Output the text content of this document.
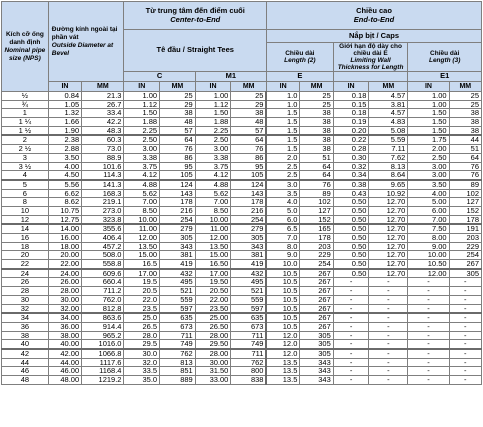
Kích cỡ ống danh định
Nominal pipe size (NPS)	Đường kính ngoài tại phần vát
Outside Diameter at Bevel		Từ trung tâm đến điểm cuối
Center-to-End				Chiều cao
End-to-End					
			Tê đầu / Straight Tees				Nắp bịt / Caps					
							Chiều dài
Length (2)		Giới hạn độ dày cho chiều dài E
Limiting Wall Thickness for Length		Chiều dài
Length (3)	
			C		M1		E				E1	
	IN	MM	IN	MM	IN	MM	IN	MM	IN	MM	IN	MM
½	0.84	21.3	1.00	25	1.00	25	1.0	25	0.18	4.57	1.00	25
¾	1.05	26.7	1.12	29	1.12	29	1.0	25	0.15	3.81	1.00	25
1	1.32	33.4	1.50	38	1.50	38	1.5	38	0.18	4.57	1.50	38
1 ¼	1.66	42.2	1.88	48	1.88	48	1.5	38	0.19	4.83	1.50	38
1 ½	1.90	48.3	2.25	57	2.25	57	1.5	38	0.20	5.08	1.50	38
2	2.38	60.3	2.50	64	2.50	64	1.5	38	0.22	5.59	1.75	44
2 ½	2.88	73.0	3.00	76	3.00	76	1.5	38	0.28	7.11	2.00	51
3	3.50	88.9	3.38	86	3.38	86	2.0	51	0.30	7.62	2.50	64
3 ½	4.00	101.6	3.75	95	3.75	95	2.5	64	0.32	8.13	3.00	76
4	4.50	114.3	4.12	105	4.12	105	2.5	64	0.34	8.64	3.00	76
5	5.56	141.3	4.88	124	4.88	124	3.0	76	0.38	9.65	3.50	89
6	6.62	168.3	5.62	143	5.62	143	3.5	89	0.43	10.92	4.00	102
8	8.62	219.1	7.00	178	7.00	178	4.0	102	0.50	12.70	5.00	127
10	10.75	273.0	8.50	216	8.50	216	5.0	127	0.50	12.70	6.00	152
12	12.75	323.8	10.00	254	10.00	254	6.0	152	0.50	12.70	7.00	178
14	14.00	355.6	11.00	279	11.00	279	6.5	165	0.50	12.70	7.50	191
16	16.00	406.4	12.00	305	12.00	305	7.0	178	0.50	12.70	8.00	203
18	18.00	457.2	13.50	343	13.50	343	8.0	203	0.50	12.70	9.00	229
20	20.00	508.0	15.00	381	15.00	381	9.0	229	0.50	12.70	10.00	254
22	22.00	558.8	16.5	419	16.50	419	10.0	254	0.50	12.70	10.50	267
24	24.00	609.6	17.00	432	17.00	432	10.5	267	0.50	12.70	12.00	305
26	26.00	660.4	19.5	495	19.50	495	10.5	267	-	-	-	-
28	28.00	711.2	20.5	521	20.50	521	10.5	267	-	-	-	-
30	30.00	762.0	22.0	559	22.00	559	10.5	267	-	-	-	-
32	32.00	812.8	23.5	597	23.50	597	10.5	267	-	-	-	-
34	34.00	863.6	25.0	635	25.00	635	10.5	267	-	-	-	-
36	36.00	914.4	26.5	673	26.50	673	10.5	267	-	-	-	-
38	38.00	965.2	28.0	711	28.00	711	12.0	305	-	-	-	-
40	40.00	1016.0	29.5	749	29.50	749	12.0	305	-	-	-	-
42	42.00	1066.8	30.0	762	28.00	711	12.0	305	-	-	-	-
44	44.00	1117.6	32.0	813	30.00	762	13.5	343	-	-	-	-
46	46.00	1168.4	33.5	851	31.50	800	13.5	343	-	-	-	-
48	48.00	1219.2	35.0	889	33.00	838	13.5	343	-	-	-	-
